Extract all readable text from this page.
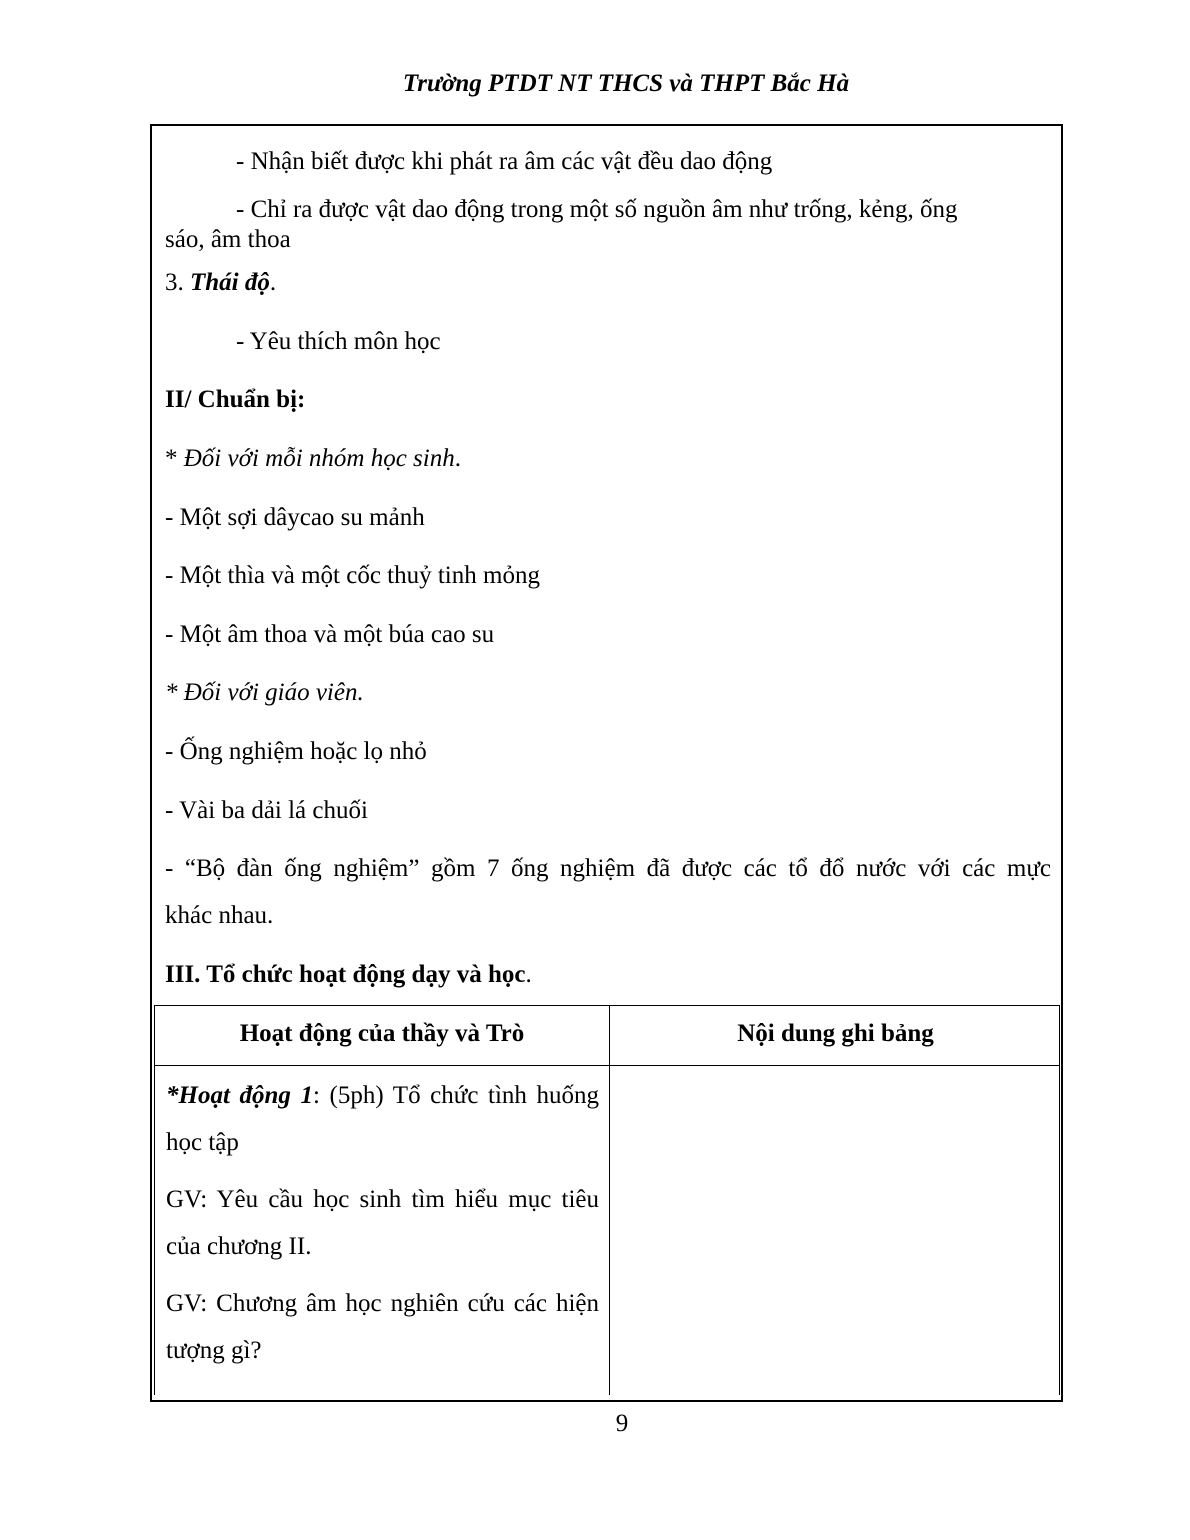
Trường PTDT NT THCS và THPT Bắc Hà
- Nhận biết được khi phát ra âm các vật đều dao động
- Chỉ ra được vật dao động trong một số nguồn âm như trống, kẻng, ống
sáo, âm thoa
3. Thái độ.
- Yêu thích môn học
II/ Chuẩn bị:
* Đối với mỗi nhóm học sinh.
- Một sợi dâycao su mảnh
- Một thìa và một cốc thuỷ tinh mỏng
- Một âm thoa và một búa cao su
* Đối với giáo viên.
- Ống nghiệm hoặc lọ nhỏ
- Vài ba dải lá chuối
- “Bộ đàn ống nghiệm” gồm 7 ống nghiệm đã được các tổ đổ nước với các mực
khác nhau.
III. Tổ chức hoạt động dạy và học.
Hoạt động của thầy và Trò	Nội dung ghi bảng

*Hoạt động 1: (5ph) Tổ chức tình huống học tập

GV: Yêu cầu học sinh tìm hiểu mục tiêu của chương II.

GV: Chương âm học nghiên cứu các hiện tượng gì?

9
